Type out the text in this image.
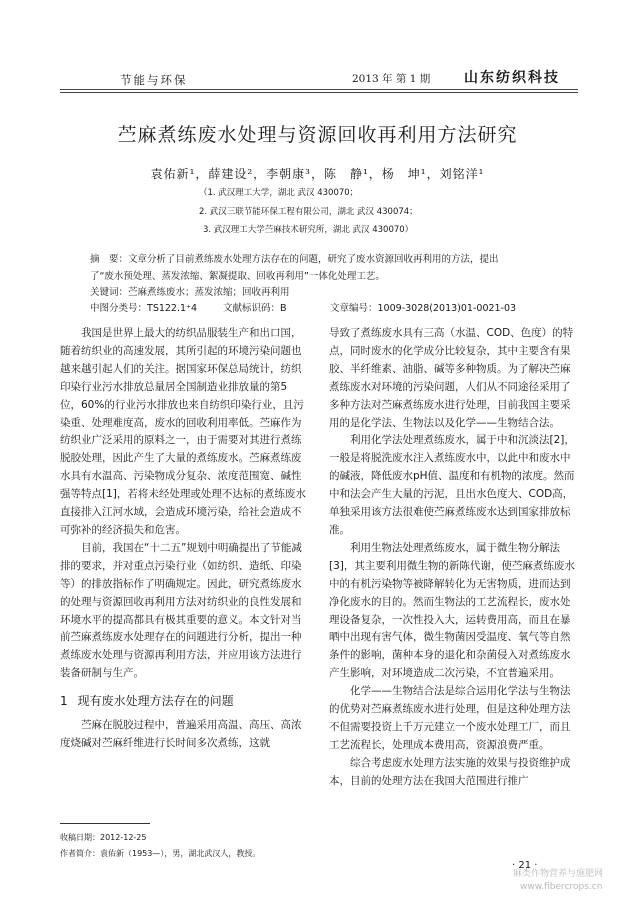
节能与环保	2013 年 第 1 期 山东纺织科技
苎麻煮练废水处理与资源回收再利用方法研究
袁佑新¹，薛建设²，李朝康³，陈　静¹，杨　坤¹，刘铭洋¹
（1. 武汉理工大学，湖北 武汉 430070；
2. 武汉三联节能环保工程有限公司，湖北 武汉 430074；
3. 武汉理工大学苎麻技术研究所，湖北 武汉 430070）
摘　要：文章分析了目前煮练废水处理方法存在的问题，研究了废水资源回收再利用的方法，提出
了“废水预处理、蒸发浓缩、絮凝提取、回收再利用”一体化处理工艺。
关键词：苎麻煮练废水；蒸发浓缩；回收再利用
中图分类号：TS122.1⁺4	文献标识码：B	文章编号：1009-3028(2013)01-0021-03

我国是世界上最大的纺织品服装生产和出口国，随着纺织业的高速发展，其所引起的环境污染问题也越来越引起人们的关注。据国家环保总局统计，纺织印染行业污水排放总量居全国制造业排放量的第5位，60%的行业污水排放也来自纺织印染行业，且污染重、处理难度高，废水的回收利用率低。苎麻作为纺织业广泛采用的原料之一，由于需要对其进行煮练脱胶处理，因此产生了大量的煮练废水。苎麻煮练废水具有水温高、污染物成分复杂、浓度范围宽、碱性强等特点[1]，若将未经处理或处理不达标的煮练废水直接排入江河水域，会造成环境污染，给社会造成不可弥补的经济损失和危害。

目前，我国在“十二五”规划中明确提出了节能减排的要求，并对重点污染行业（如纺织、造纸、印染等）的排放指标作了明确规定。因此，研究煮练废水的处理与资源回收再利用方法对纺织业的良性发展和环境水平的提高都具有极其重要的意义。本文针对当前苎麻煮练废水处理存在的问题进行分析，提出一种煮练废水处理与资源再利用方法，并应用该方法进行装备研制与生产。

1 现有废水处理方法存在的问题

苎麻在脱胶过程中，普遍采用高温、高压、高浓度烧碱对苎麻纤维进行长时间多次煮练，这就

导致了煮练废水具有三高（水温、COD、色度）的特点，同时废水的化学成分比较复杂，其中主要含有果胶、半纤维素、油脂、碱等多种物质。为了解决苎麻煮练废水对环境的污染问题，人们从不同途径采用了多种方法对苎麻煮练废水进行处理，目前我国主要采用的是化学法、生物法以及化学——生物结合法。

利用化学法处理煮练废水，属于中和沉淡法[2]，一般是将脱洗废水注入煮练废水中，以此中和废水中的碱液，降低废水pH值、温度和有机物的浓度。然而中和法会产生大量的污泥，且出水色度大、COD高，单独采用该方法很难使苎麻煮练废水达到国家排放标准。

利用生物法处理煮练废水，属于微生物分解法[3]，其主要利用微生物的新陈代谢，使苎麻煮练废水中的有机污染物等被降解转化为无害物质，进而达到净化废水的目的。然而生物法的工艺流程长，废水处理设备复杂，一次性投入大，运转费用高，而且在暴晒中出现有害气体，微生物菌因受温度、氧气等自然条件的影响，菌种本身的退化和杂菌侵入对煮练废水产生影响，对环境造成二次污染，不宜普遍采用。

化学——生物结合法是综合运用化学法与生物法的优势对苎麻煮练废水进行处理，但是这种处理方法不但需要投资上千万元建立一个废水处理工厂，而且工艺流程长，处理成本费用高，资源浪费严重。

综合考虑废水处理方法实施的效果与投资维护成本，目前的处理方法在我国大范围进行推广

收稿日期：2012-12-25
作者简介：袁佑新（1953—），男，湖北武汉人，教授。
· 21 ·
麻类作物营养与施肥网
www.fibercrops.cn
